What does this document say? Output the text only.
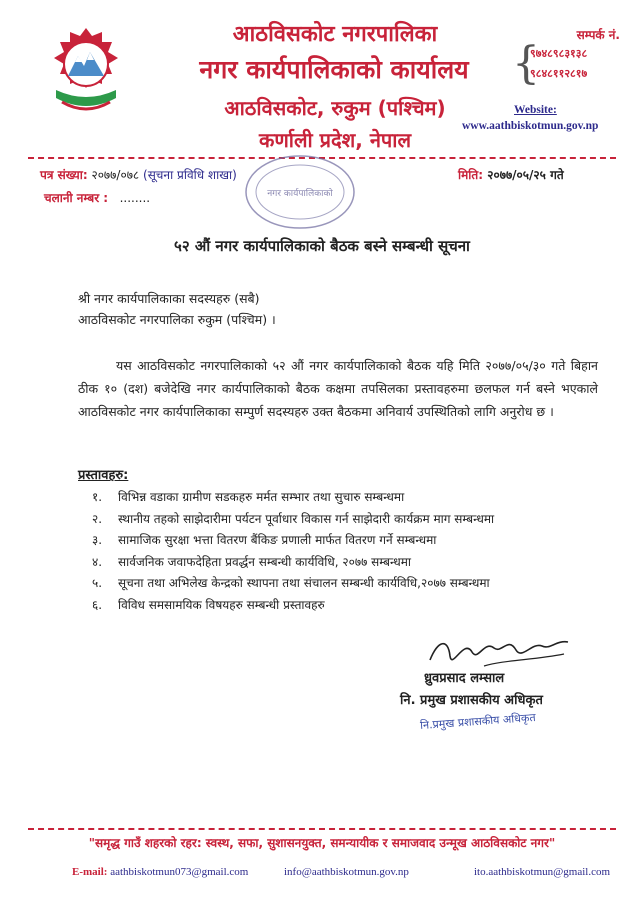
आठविसकोट नगरपालिका
नगर कार्यपालिकाको कार्यालय
आठविसकोट, रुकुम (पश्चिम)
कर्णाली प्रदेश, नेपाल
सम्पर्क नं.
{
९७४८९८३१३८
९८४८११२८१७
Website:
www.aathbiskotmun.gov.np
पत्र संख्या: २०७७/०७८ (सूचना प्रविधि शाखा)	मिति: २०७७/०५/२५ गते
चलानी नम्बर : ........	नगर कार्यपालिकाको
५२ औं नगर कार्यपालिकाको बैठक बस्ने सम्बन्धी सूचना
श्री नगर कार्यपालिकाका सदस्यहरु (सबै)
आठविसकोट नगरपालिका रुकुम (पश्चिम) ।
यस आठविसकोट नगरपालिकाको ५२ औं नगर कार्यपालिकाको बैठक यहि मिति २०७७/०५/३० गते बिहान ठीक १० (दश) बजेदेखि नगर कार्यपालिकाको बैठक कक्षमा तपसिलका प्रस्तावहरुमा छलफल गर्न बस्ने भएकाले आठविसकोट नगर कार्यपालिकाका सम्पुर्ण सदस्यहरु उक्त बैठकमा अनिवार्य उपस्थितिको लागि अनुरोध छ ।
प्रस्तावहरु:
१. विभिन्न वडाका ग्रामीण सडकहरु मर्मत सम्भार तथा सुचारु सम्बन्धमा
२. स्थानीय तहको साझेदारीमा पर्यटन पूर्वाधार विकास गर्न साझेदारी कार्यक्रम माग सम्बन्धमा
३. सामाजिक सुरक्षा भत्ता वितरण बैंकिङ प्रणाली मार्फत वितरण गर्ने सम्बन्धमा
४. सार्वजनिक जवाफदेहिता प्रवर्द्धन सम्बन्धी कार्यविधि, २०७७ सम्बन्धमा
५. सूचना तथा अभिलेख केन्द्रको स्थापना तथा संचालन सम्बन्धी कार्यविधि,२०७७ सम्बन्धमा
६. विविध समसामयिक विषयहरु सम्बन्धी प्रस्तावहरु
ध्रुवप्रसाद लम्साल
नि. प्रमुख प्रशासकीय अधिकृत
नि.प्रमुख प्रशासकीय अधिकृत
"समृद्ध गाउँ शहरको रहर: स्वस्थ, सफा, सुशासनयुक्त, समन्यायीक र समाजवाद उन्मूख आठविसकोट नगर"
E-mail: aathbiskotmun073@gmail.com	info@aathbiskotmun.gov.np	ito.aathbiskotmun@gmail.com
